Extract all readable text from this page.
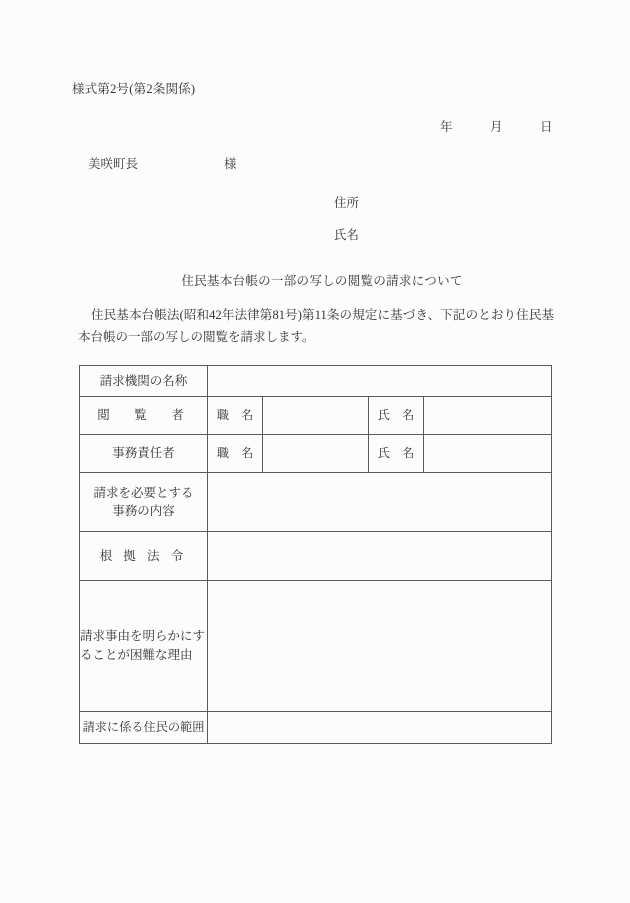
様式第2号(第2条関係)
年　　　月　　　日
美咲町長	様
住所
氏名
住民基本台帳の一部の写しの閲覧の請求について
住民基本台帳法(昭和42年法律第81号)第11条の規定に基づき、下記のとおり住民基本台帳の一部の写しの閲覧を請求します。
請求機関の名称				
閲　覧　者	職　名		氏　名	
事務責任者	職　名		氏　名	

請求を必要とする
事務の内容				

根 拠 法 令				

請求事由を明らかにす
ることが困難な理由				

請求に係る住民の範囲				
